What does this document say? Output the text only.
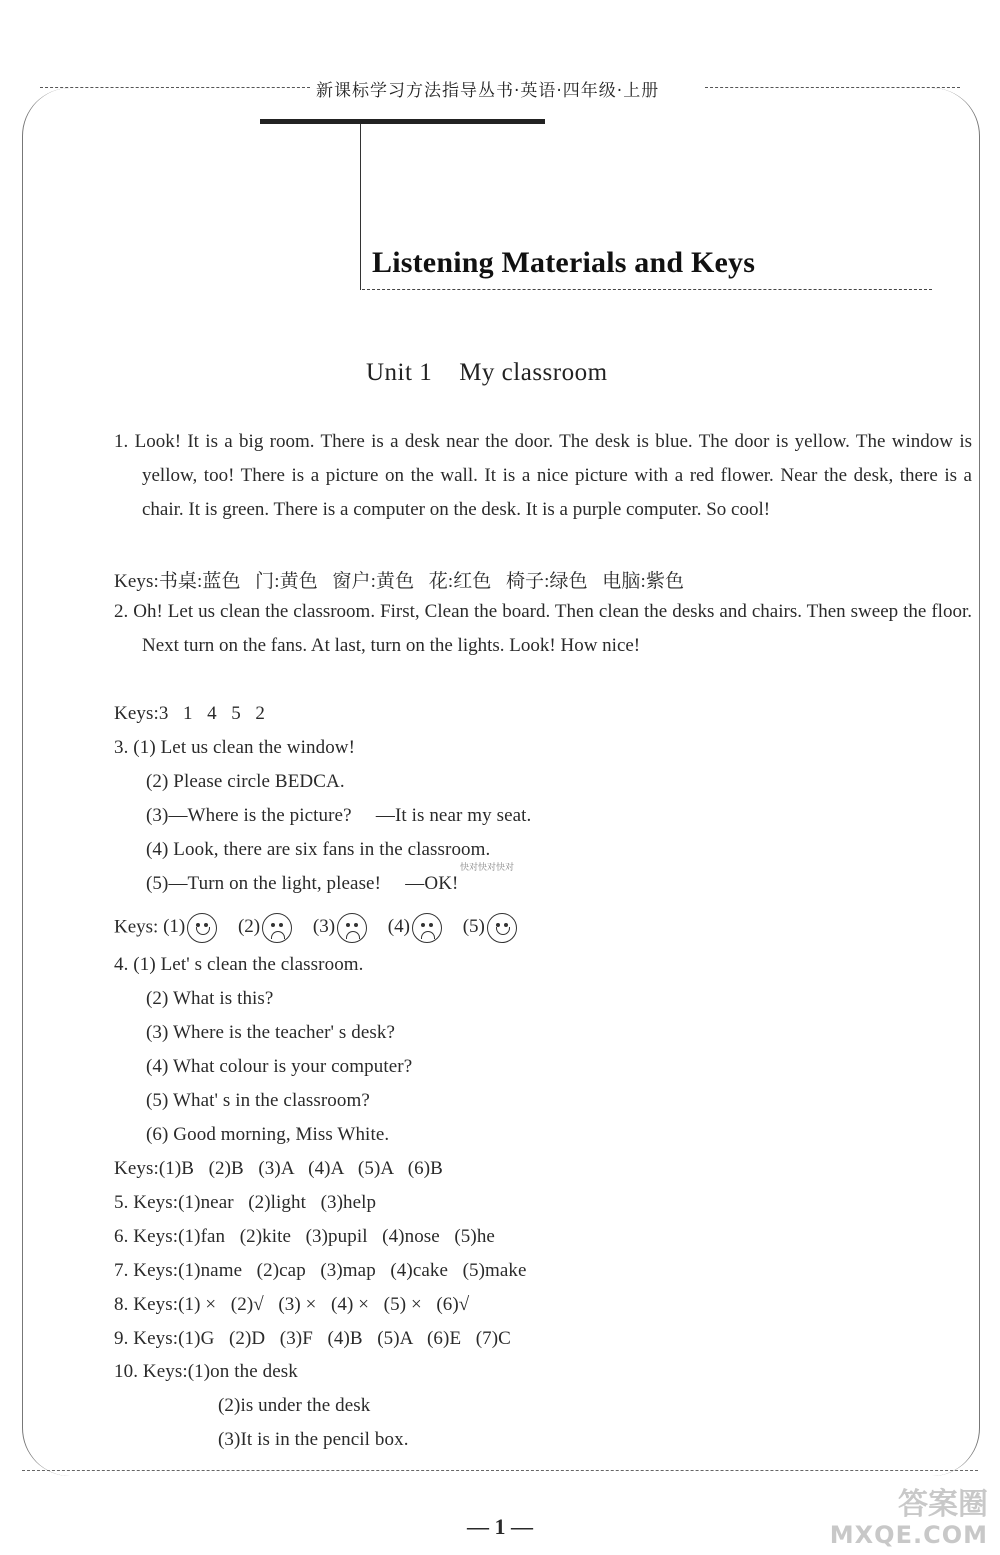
新课标学习方法指导丛书·英语·四年级·上册
Listening Materials and Keys
Unit 1    My classroom
1. Look! It is a big room. There is a desk near the door. The desk is blue. The door is yellow. The window is yellow, too! There is a picture on the wall. It is a nice picture with a red flower. Near the desk, there is a chair. It is green. There is a computer on the desk. It is a purple computer. So cool!
Keys:书桌:蓝色   门:黄色   窗户:黄色   花:红色   椅子:绿色   电脑:紫色
2. Oh! Let us clean the classroom. First, Clean the board. Then clean the desks and chairs. Then sweep the floor. Next turn on the fans. At last, turn on the lights. Look! How nice!
Keys:3   1   4   5   2
3. (1) Let us clean the window!
(2) Please circle BEDCA.
(3)—Where is the picture?     —It is near my seat.
(4) Look, there are six fans in the classroom.
(5)—Turn on the light, please!     —OK!
快对快对快对
Keys: (1)	(2)	(3)	(4)	(5)
4. (1) Let' s clean the classroom.
(2) What is this?
(3) Where is the teacher' s desk?
(4) What colour is your computer?
(5) What' s in the classroom?
(6) Good morning, Miss White.
Keys:(1)B   (2)B   (3)A   (4)A   (5)A   (6)B
5. Keys:(1)near   (2)light   (3)help
6. Keys:(1)fan   (2)kite   (3)pupil   (4)nose   (5)he
7. Keys:(1)name   (2)cap   (3)map   (4)cake   (5)make
8. Keys:(1) ×   (2)√   (3) ×   (4) ×   (5) ×   (6)√
9. Keys:(1)G   (2)D   (3)F   (4)B   (5)A   (6)E   (7)C
10. Keys:(1)on the desk
(2)is under the desk
(3)It is in the pencil box.
— 1 —
答案圈
MXQE.COM
